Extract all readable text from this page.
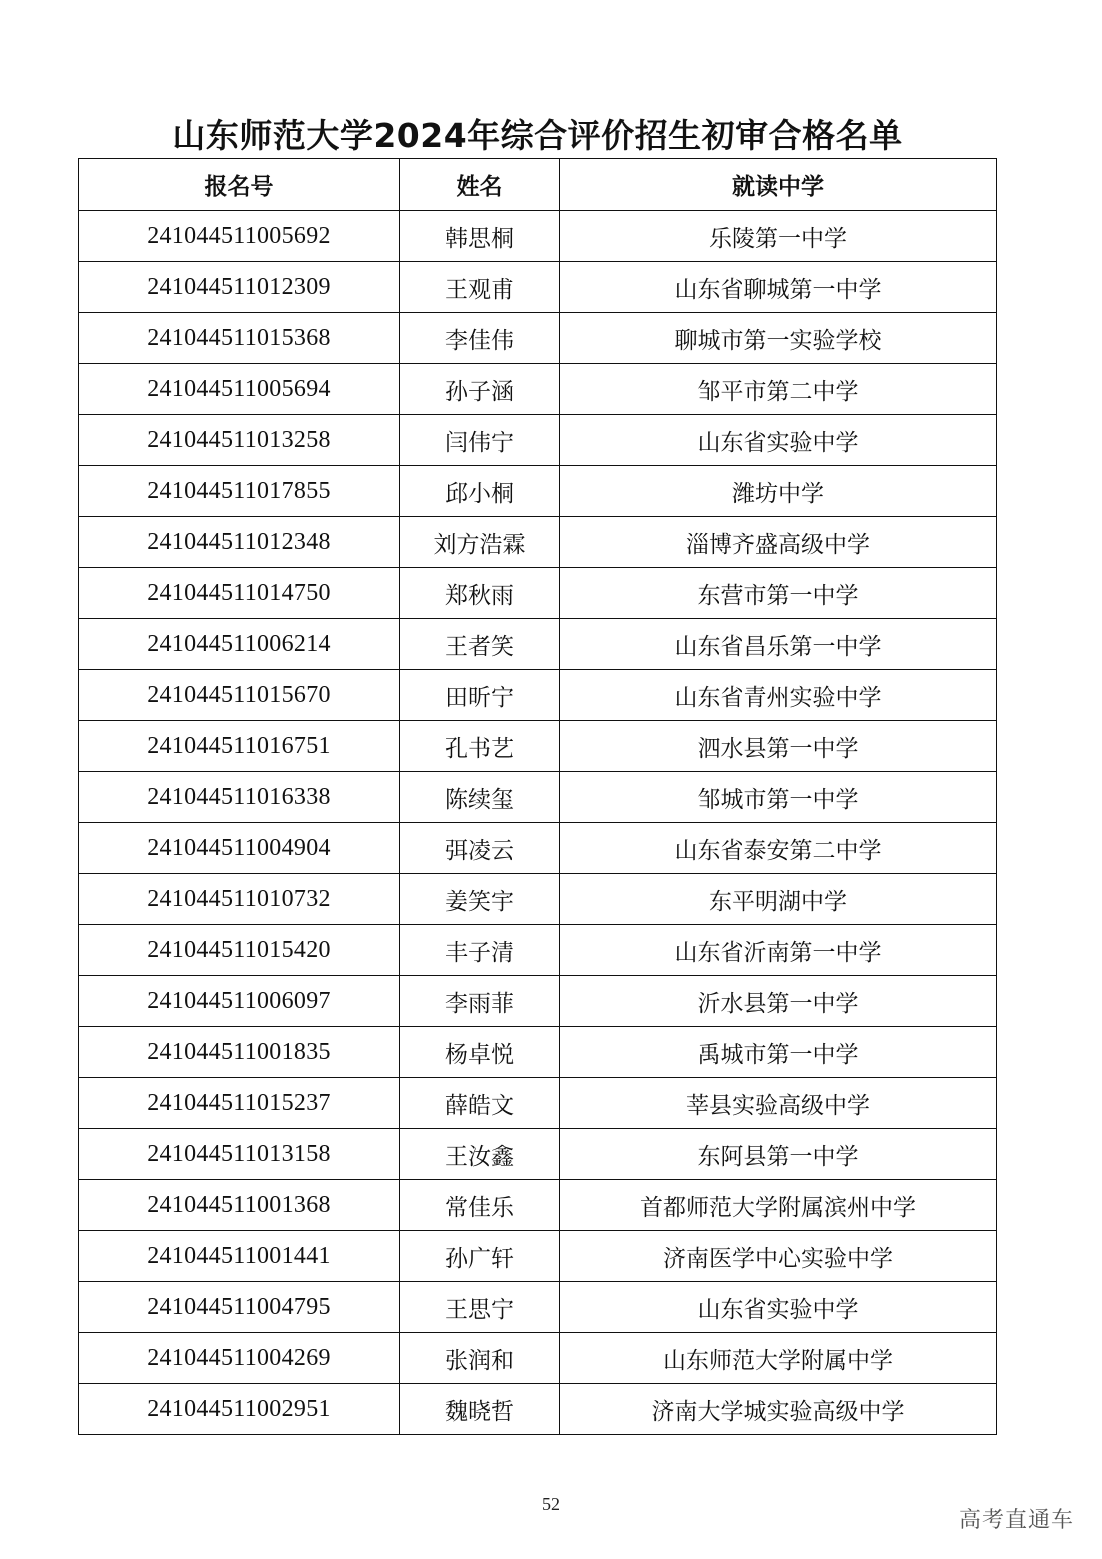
山东师范大学2024年综合评价招生初审合格名单
报名号	姓名	就读中学
241044511005692	韩思桐	乐陵第一中学
241044511012309	王观甫	山东省聊城第一中学
241044511015368	李佳伟	聊城市第一实验学校
241044511005694	孙子涵	邹平市第二中学
241044511013258	闫伟宁	山东省实验中学
241044511017855	邱小桐	潍坊中学
241044511012348	刘方浩霖	淄博齐盛高级中学
241044511014750	郑秋雨	东营市第一中学
241044511006214	王者笑	山东省昌乐第一中学
241044511015670	田昕宁	山东省青州实验中学
241044511016751	孔书艺	泗水县第一中学
241044511016338	陈续玺	邹城市第一中学
241044511004904	弭凌云	山东省泰安第二中学
241044511010732	姜笑宇	东平明湖中学
241044511015420	丰子清	山东省沂南第一中学
241044511006097	李雨菲	沂水县第一中学
241044511001835	杨卓悦	禹城市第一中学
241044511015237	薛皓文	莘县实验高级中学
241044511013158	王汝鑫	东阿县第一中学
241044511001368	常佳乐	首都师范大学附属滨州中学
241044511001441	孙广轩	济南医学中心实验中学
241044511004795	王思宁	山东省实验中学
241044511004269	张润和	山东师范大学附属中学
241044511002951	魏晓哲	济南大学城实验高级中学
52
高考直通车
